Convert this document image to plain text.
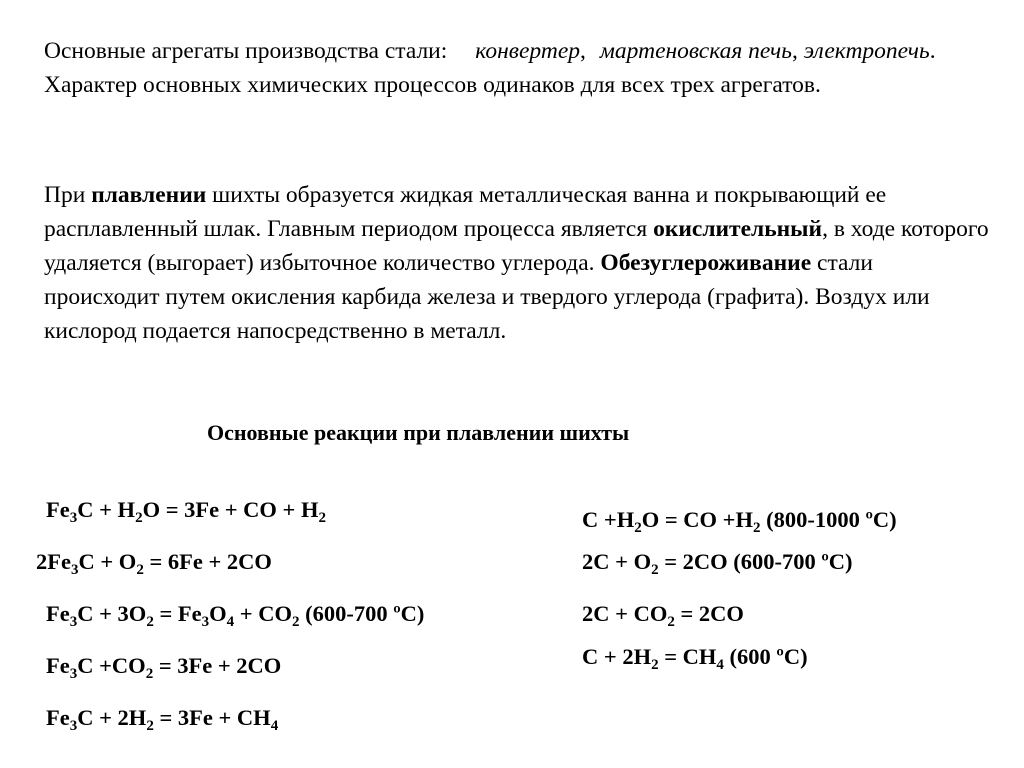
Основные агрегаты производства стали: конвертер, мартеновская печь, электропечь. Характер основных химических процессов одинаков для всех трех агрегатов.

При плавлении шихты образуется жидкая металлическая ванна и покрывающий ее расплавленный шлак. Главным периодом процесса является окислительный, в ходе которого удаляется (выгорает) избыточное количество углерода. Обезуглероживание стали происходит путем окисления карбида железа и твердого углерода (графита). Воздух или кислород подается напосредственно в металл.

Основные реакции при плавлении шихты
$Fe_3C + H_2O = 3Fe$ + CO + $H_2$
$2Fe_3C + O_2 = 6Fe + 2CO$
$Fe_3C + 3O_2 = Fe_3O_4 + CO_2$ (600-700 ºC)
$Fe_3C +CO_2 = 3Fe + 2CO$
$Fe_3C + 2H_2 = 3Fe + CH_4$
$C +H_2O$ = CO $+H_2$ (800-1000 ºC)
$2C + O_2 = 2CO$ (600-700 ºC)
$2C + CO_2 = 2CO$
$C + 2H_2 = CH_4$ (600 ºC)
